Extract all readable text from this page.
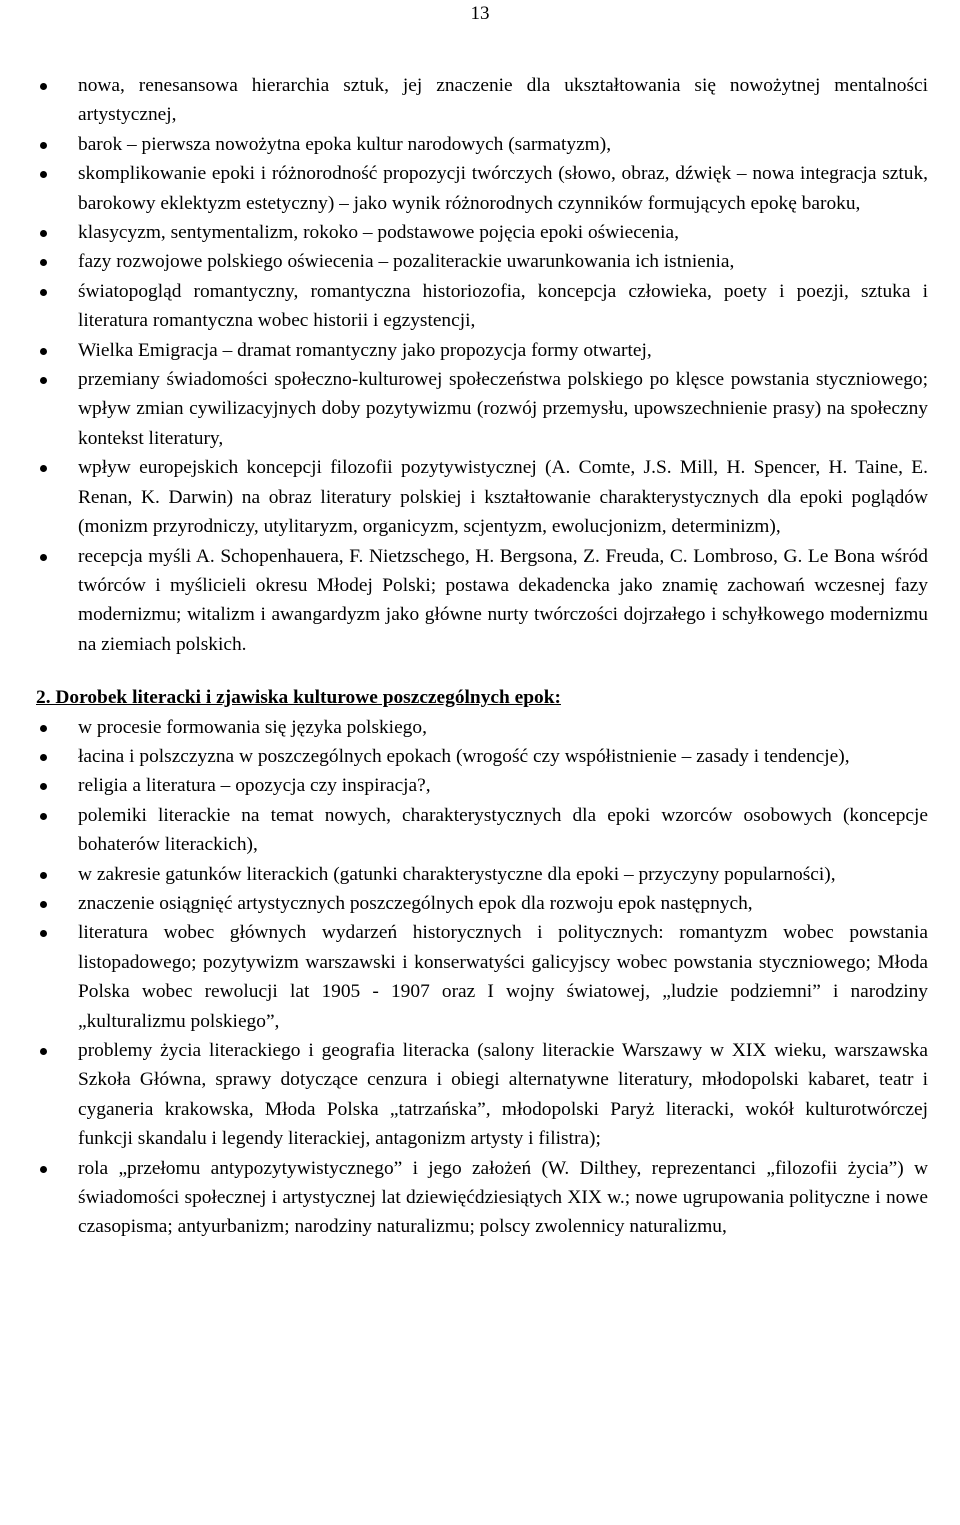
13
nowa, renesansowa hierarchia sztuk, jej znaczenie dla ukształtowania się nowożytnej mentalności artystycznej,
barok – pierwsza nowożytna epoka kultur narodowych (sarmatyzm),
skomplikowanie epoki i różnorodność propozycji twórczych (słowo, obraz, dźwięk – nowa integracja sztuk, barokowy eklektyzm estetyczny) – jako wynik różnorodnych czynników formujących epokę baroku,
klasycyzm, sentymentalizm, rokoko – podstawowe pojęcia epoki oświecenia,
fazy rozwojowe polskiego oświecenia – pozaliterackie uwarunkowania ich istnienia,
światopogląd romantyczny, romantyczna historiozofia, koncepcja człowieka, poety i poezji, sztuka i literatura romantyczna wobec historii i egzystencji,
Wielka Emigracja – dramat romantyczny jako propozycja formy otwartej,
przemiany świadomości społeczno-kulturowej społeczeństwa polskiego po klęsce powstania styczniowego; wpływ zmian cywilizacyjnych doby pozytywizmu (rozwój przemysłu, upowszechnienie prasy) na społeczny kontekst literatury,
wpływ europejskich koncepcji filozofii pozytywistycznej (A. Comte, J.S. Mill, H. Spencer, H. Taine, E. Renan, K. Darwin) na obraz literatury polskiej i kształtowanie charakterystycznych dla epoki poglądów (monizm przyrodniczy, utylitaryzm, organicyzm, scjentyzm, ewolucjonizm, determinizm),
recepcja myśli A. Schopenhauera, F. Nietzschego, H. Bergsona, Z. Freuda, C. Lombroso, G. Le Bona wśród twórców i myślicieli okresu Młodej Polski; postawa dekadencka jako znamię zachowań wczesnej fazy modernizmu; witalizm i awangardyzm jako główne nurty twórczości dojrzałego i schyłkowego modernizmu na ziemiach polskich.
2. Dorobek literacki i zjawiska kulturowe poszczególnych epok:
w procesie formowania się języka polskiego,
łacina i polszczyzna w poszczególnych epokach (wrogość czy współistnienie – zasady i tendencje),
religia a literatura – opozycja czy inspiracja?,
polemiki literackie na temat nowych, charakterystycznych dla epoki wzorców osobowych (koncepcje bohaterów literackich),
w zakresie gatunków literackich (gatunki charakterystyczne dla epoki – przyczyny popularności),
znaczenie osiągnięć artystycznych poszczególnych epok dla rozwoju epok następnych,
literatura wobec głównych wydarzeń historycznych i politycznych: romantyzm wobec powstania listopadowego; pozytywizm warszawski i konserwatyści galicyjscy wobec powstania styczniowego; Młoda Polska wobec rewolucji lat 1905 - 1907 oraz I wojny światowej, „ludzie podziemni” i narodziny „kulturalizmu polskiego”,
problemy życia literackiego i geografia literacka (salony literackie Warszawy w XIX wieku, warszawska Szkoła Główna, sprawy dotyczące cenzura i obiegi alternatywne literatury, młodopolski kabaret, teatr i cyganeria krakowska, Młoda Polska „tatrzańska”, młodopolski Paryż literacki, wokół kulturotwórczej funkcji skandalu i legendy literackiej, antagonizm artysty i filistra);
rola „przełomu antypozytywistycznego” i jego założeń (W. Dilthey, reprezentanci „filozofii życia”) w świadomości społecznej i artystycznej lat dziewięćdziesiątych XIX w.; nowe ugrupowania polityczne i nowe czasopisma; antyurbanizm; narodziny naturalizmu; polscy zwolennicy naturalizmu,
